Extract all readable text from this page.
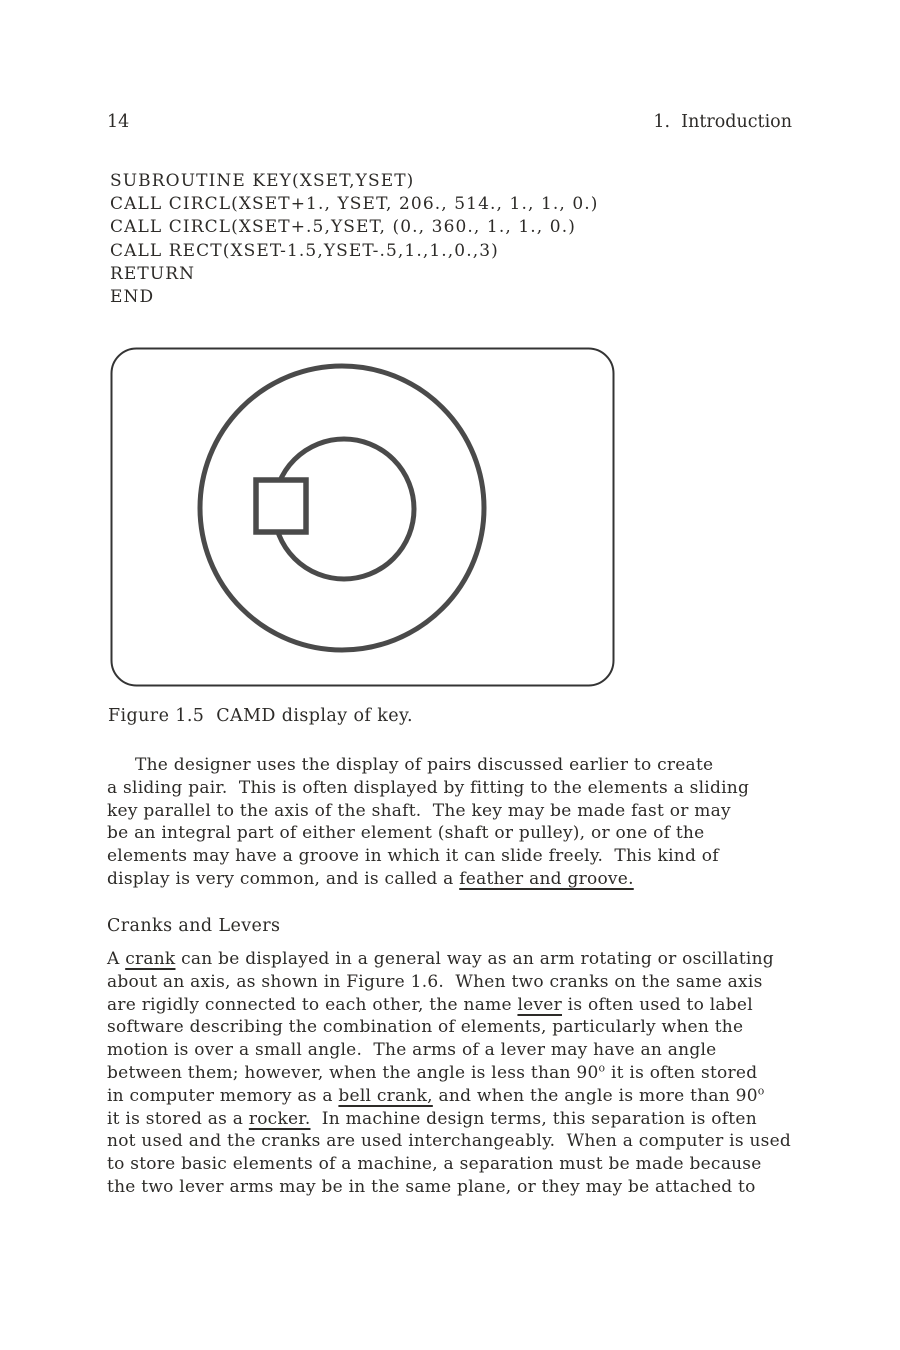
14	1.  Introduction
SUBROUTINE KEY(XSET,YSET)
CALL CIRCL(XSET+1., YSET, 206., 514., 1., 1., 0.)
CALL CIRCL(XSET+.5,YSET, (0., 360., 1., 1., 0.)
CALL RECT(XSET-1.5,YSET-.5,1.,1.,0.,3)
RETURN
END
Figure 1.5  CAMD display of key.
The designer uses the display of pairs discussed earlier to create
a sliding pair.  This is often displayed by fitting to the elements a sliding
key parallel to the axis of the shaft.  The key may be made fast or may
be an integral part of either element (shaft or pulley), or one of the
elements may have a groove in which it can slide freely.  This kind of
display is very common, and is called a feather and groove.
Cranks and Levers
A crank can be displayed in a general way as an arm rotating or oscillating
about an axis, as shown in Figure 1.6.  When two cranks on the same axis
are rigidly connected to each other, the name lever is often used to label
software describing the combination of elements, particularly when the
motion is over a small angle.  The arms of a lever may have an angle
between them; however, when the angle is less than 90$^o$ it is often stored
in computer memory as a bell crank, and when the angle is more than 90$^o$
it is stored as a rocker.  In machine design terms, this separation is often
not used and the cranks are used interchangeably.  When a computer is used
to store basic elements of a machine, a separation must be made because
the two lever arms may be in the same plane, or they may be attached to
